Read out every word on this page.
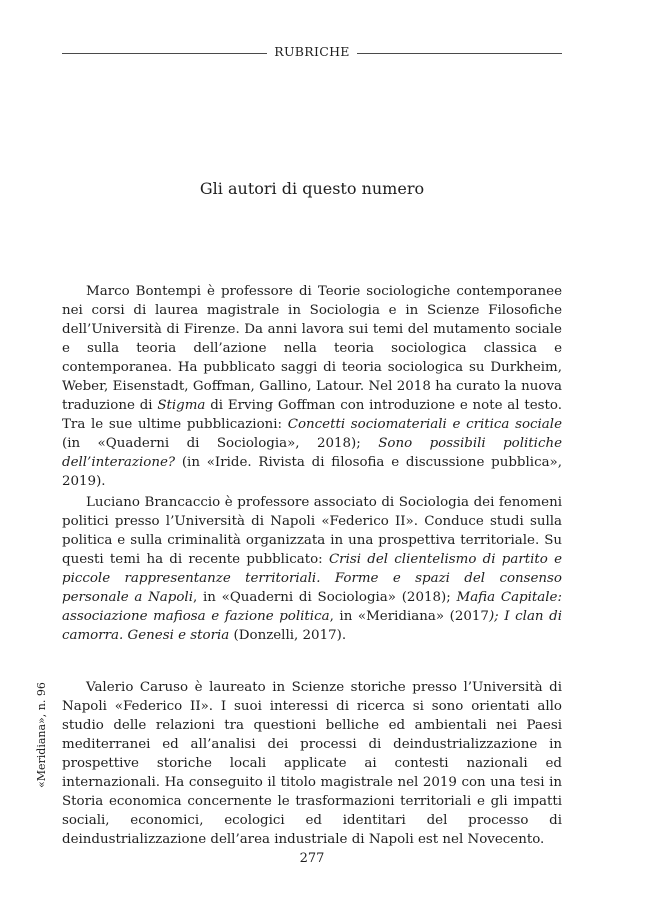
RUBRICHE
Gli autori di questo numero

Marco Bontempi è professore di Teorie sociologiche contemporanee nei corsi di laurea magistrale in Sociologia e in Scienze Filosofiche dell’Università di Firenze. Da anni lavora sui temi del mutamento sociale e sulla teoria dell’azione nella teoria sociologica classica e contemporanea. Ha pubblicato saggi di teoria sociologica su Durkheim, Weber, Eisenstadt, Goffman, Gallino, Latour. Nel 2018 ha curato la nuova traduzione di Stigma di Erving Goffman con introduzione e note al testo. Tra le sue ultime pubblicazioni: Concetti sociomateriali e critica sociale (in «Quaderni di Sociologia», 2018); Sono possibili politiche dell’interazione? (in «Iride. Rivista di filosofia e discussione pubblica», 2019).

Luciano Brancaccio è professore associato di Sociologia dei fenomeni politici presso l’Università di Napoli «Federico II». Conduce studi sulla politica e sulla criminalità organizzata in una prospettiva territoriale. Su questi temi ha di recente pubblicato: Crisi del clientelismo di partito e piccole rappresentanze territoriali. Forme e spazi del consenso personale a Napoli, in «Quaderni di Sociologia» (2018); Mafia Capitale: associazione mafiosa e fazione politica, in «Meridiana» (2017); I clan di camorra. Genesi e storia (Donzelli, 2017).

Valerio Caruso è laureato in Scienze storiche presso l’Università di Napoli «Federico II». I suoi interessi di ricerca si sono orientati allo studio delle relazioni tra questioni belliche ed ambientali nei Paesi mediterranei ed all’analisi dei processi di deindustrializzazione in prospettive storiche locali applicate ai contesti nazionali ed internazionali. Ha conseguito il titolo magistrale nel 2019 con una tesi in Storia economica concernente le trasformazioni territoriali e gli impatti sociali, economici, ecologici ed identitari del processo di deindustrializzazione dell’area industriale di Napoli est nel Novecento.

«Meridiana», n. 96
277
